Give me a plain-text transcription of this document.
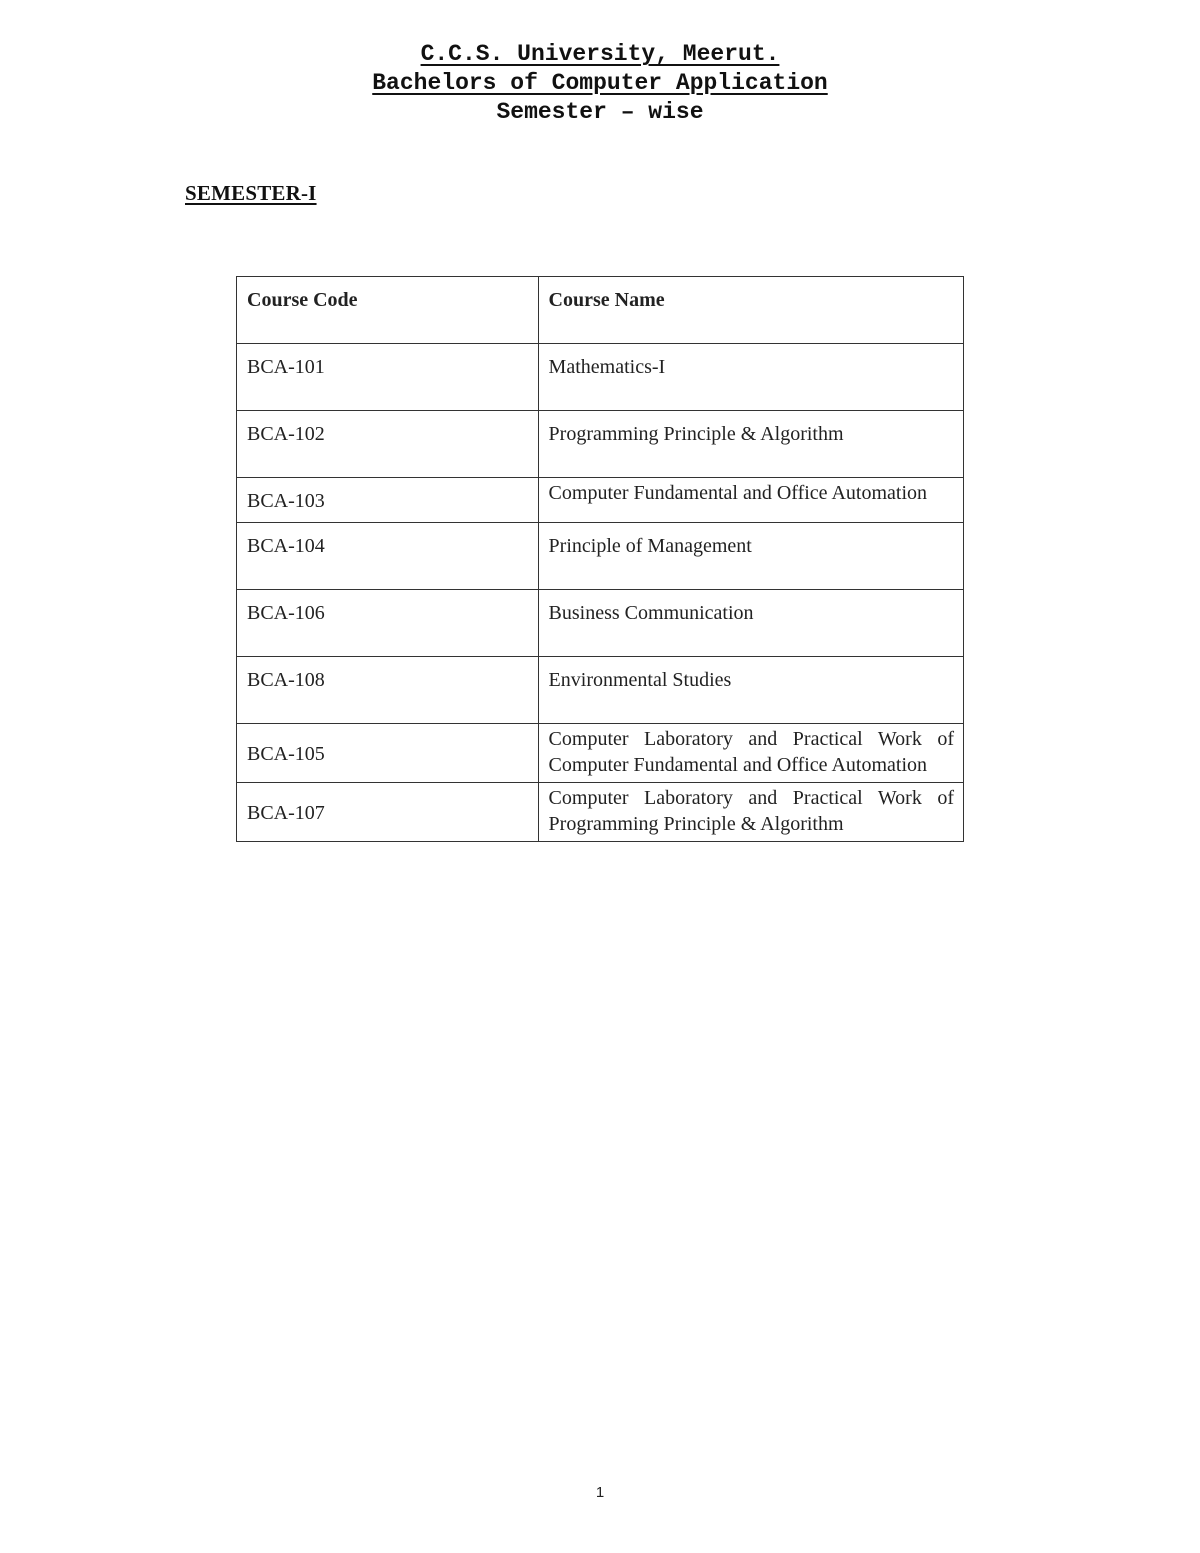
C.C.S. University, Meerut.
Bachelors of Computer Application
Semester – wise
SEMESTER-I
Course Code	Course Name
BCA-101	Mathematics-I
BCA-102	Programming Principle & Algorithm
BCA-103	Computer Fundamental and Office Automation
BCA-104	Principle of Management
BCA-106	Business Communication
BCA-108	Environmental Studies
BCA-105	Computer Laboratory and Practical Work of Computer Fundamental and Office Automation
BCA-107	Computer Laboratory and Practical Work of Programming Principle & Algorithm
1
